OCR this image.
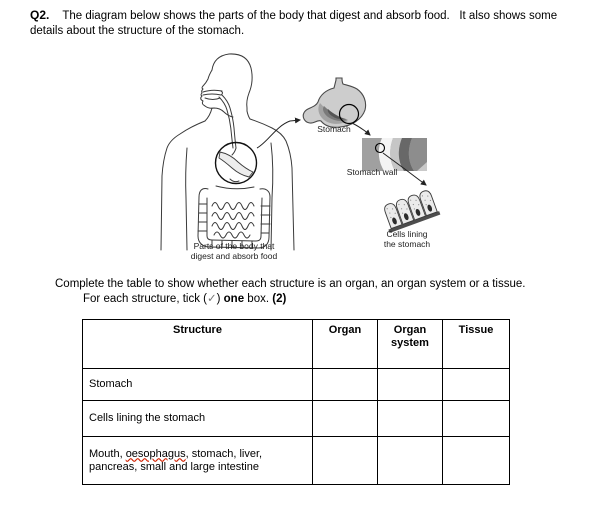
Q2. The diagram below shows the parts of the body that digest and absorb food.   It also shows some
details about the structure of the stomach.
Stomach
Stomach wall
Cells lining
the stomach
Parts of the body that
digest and absorb food
Complete the table to show whether each structure is an organ, an organ system or a tissue.
For each structure, tick (✓) one box. (2)
Structure	Organ	Organ system	Tissue
Stomach			
Cells lining the stomach			

Mouth, oesophagus, stomach, liver, pancreas, small and large intestine			
